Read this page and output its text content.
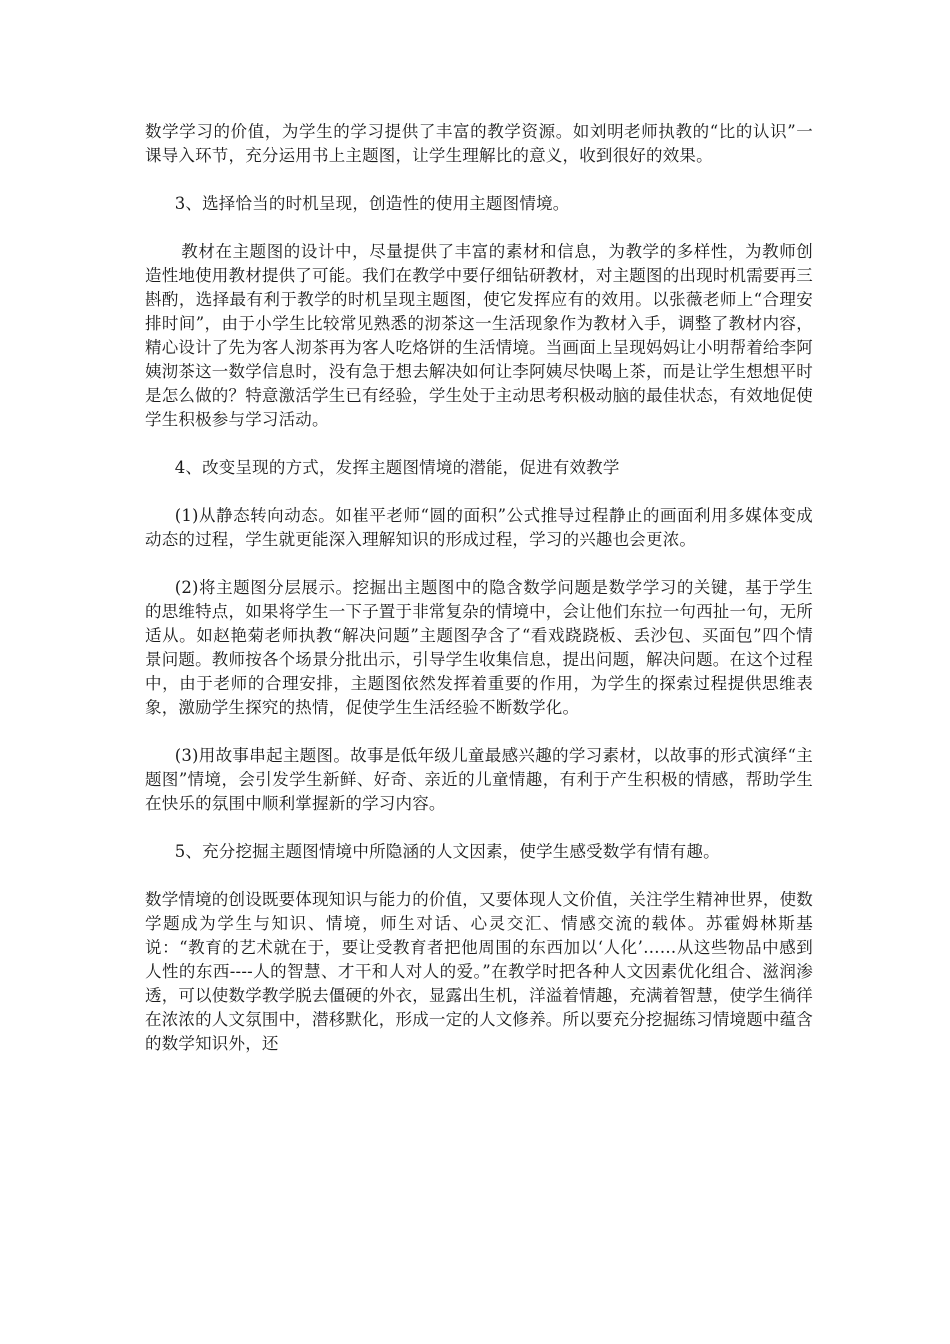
数学学习的价值，为学生的学习提供了丰富的教学资源。如刘明老师执教的“比的认识”一课导入环节，充分运用书上主题图，让学生理解比的意义，收到很好的效果。

3、选择恰当的时机呈现，创造性的使用主题图情境。

教材在主题图的设计中，尽量提供了丰富的素材和信息，为教学的多样性，为教师创造性地使用教材提供了可能。我们在教学中要仔细钻研教材，对主题图的出现时机需要再三斟酌，选择最有利于教学的时机呈现主题图，使它发挥应有的效用。以张薇老师上“合理安排时间”，由于小学生比较常见熟悉的沏茶这一生活现象作为教材入手，调整了教材内容，精心设计了先为客人沏茶再为客人吃烙饼的生活情境。当画面上呈现妈妈让小明帮着给李阿姨沏茶这一数学信息时，没有急于想去解决如何让李阿姨尽快喝上茶，而是让学生想想平时是怎么做的？特意激活学生已有经验，学生处于主动思考积极动脑的最佳状态，有效地促使学生积极参与学习活动。

4、改变呈现的方式，发挥主题图情境的潜能，促进有效教学

(1)从静态转向动态。如崔平老师“圆的面积”公式推导过程静止的画面利用多媒体变成动态的过程，学生就更能深入理解知识的形成过程，学习的兴趣也会更浓。

(2)将主题图分层展示。挖掘出主题图中的隐含数学问题是数学学习的关键，基于学生的思维特点，如果将学生一下子置于非常复杂的情境中，会让他们东拉一句西扯一句，无所适从。如赵艳菊老师执教“解决问题”主题图孕含了“看戏跷跷板、丢沙包、买面包”四个情景问题。教师按各个场景分批出示，引导学生收集信息，提出问题，解决问题。在这个过程中，由于老师的合理安排，主题图依然发挥着重要的作用，为学生的探索过程提供思维表象，激励学生探究的热情，促使学生生活经验不断数学化。

(3)用故事串起主题图。故事是低年级儿童最感兴趣的学习素材，以故事的形式演绎“主题图”情境，会引发学生新鲜、好奇、亲近的儿童情趣，有利于产生积极的情感，帮助学生在快乐的氛围中顺利掌握新的学习内容。

5、充分挖掘主题图情境中所隐涵的人文因素，使学生感受数学有情有趣。

数学情境的创设既要体现知识与能力的价值，又要体现人文价值，关注学生精神世界，使数学题成为学生与知识、情境，师生对话、心灵交汇、情感交流的载体。苏霍姆林斯基说：“教育的艺术就在于，要让受教育者把他周围的东西加以‘人化’……从这些物品中感到人性的东西----人的智慧、才干和人对人的爱。”在教学时把各种人文因素优化组合、滋润渗透，可以使数学教学脱去僵硬的外衣，显露出生机，洋溢着情趣，充满着智慧，使学生徜徉在浓浓的人文氛围中，潜移默化，形成一定的人文修养。所以要充分挖掘练习情境题中蕴含的数学知识外，还
